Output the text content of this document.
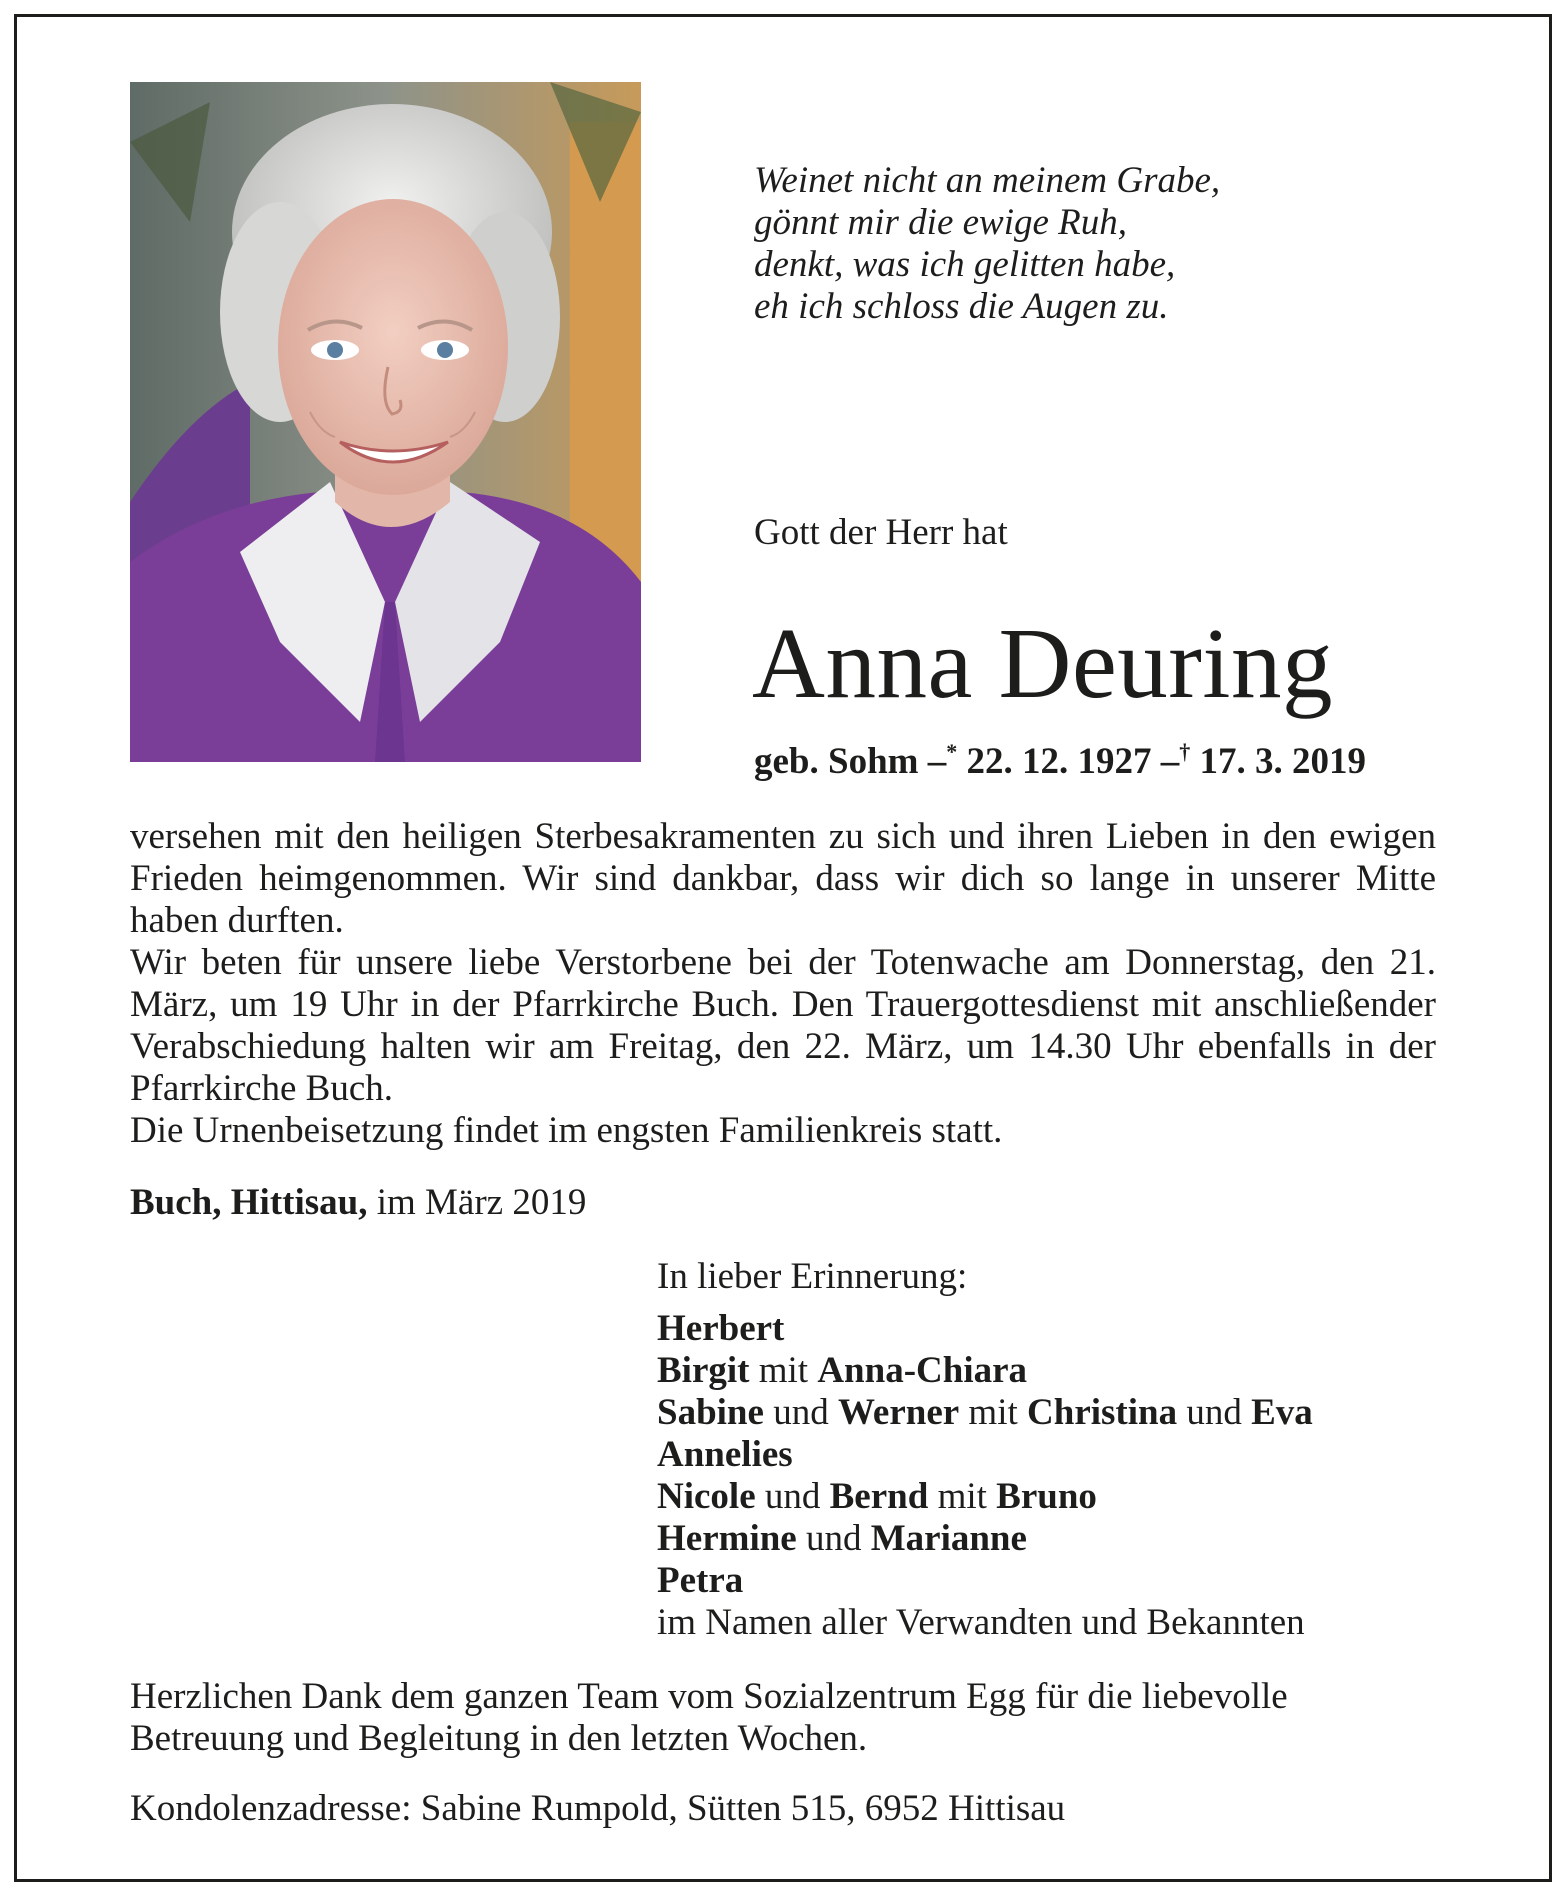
Weinet nicht an meinem Grabe,
gönnt mir die ewige Ruh,
denkt, was ich gelitten habe,
eh ich schloss die Augen zu.
Gott der Herr hat
Anna Deuring
geb. Sohm –* 22. 12. 1927 –† 17. 3. 2019

versehen mit den heiligen Sterbesakramenten zu sich und ihren Lieben in den ewigen Frieden heimgenommen. Wir sind dankbar, dass wir dich so lange in unserer Mitte haben durften.

Wir beten für unsere liebe Verstorbene bei der Totenwache am Donnerstag, den 21. März, um 19 Uhr in der Pfarrkirche Buch. Den Trauergottesdienst mit anschließender Verabschiedung halten wir am Freitag, den 22. März, um 14.30 Uhr ebenfalls in der Pfarrkirche Buch.

Die Urnenbeisetzung findet im engsten Familienkreis statt.

Buch, Hittisau, im März 2019
In lieber Erinnerung:
Herbert
Birgit mit Anna-Chiara
Sabine und Werner mit Christina und Eva
Annelies
Nicole und Bernd mit Bruno
Hermine und Marianne
Petra
im Namen aller Verwandten und Bekannten
Herzlichen Dank dem ganzen Team vom Sozialzentrum Egg für die liebevolle
Betreuung und Begleitung in den letzten Wochen.
Kondolenzadresse: Sabine Rumpold, Sütten 515, 6952 Hittisau
